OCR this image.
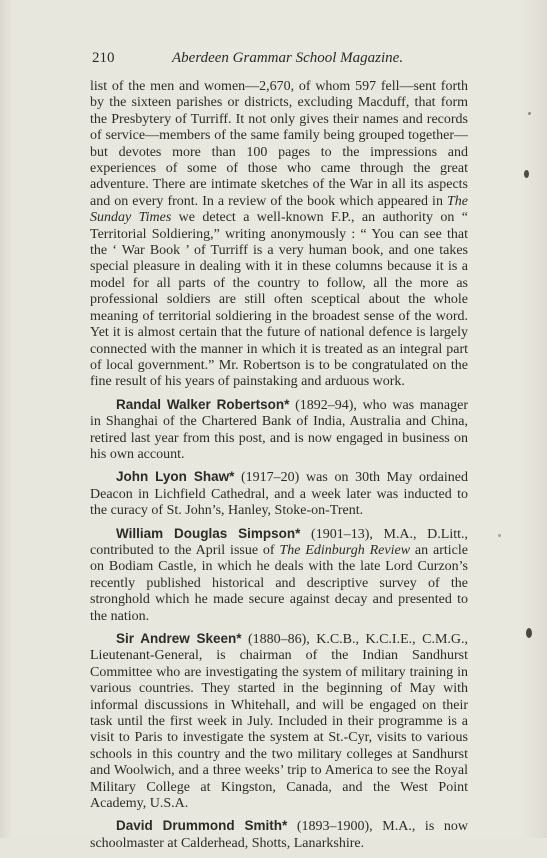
210	Aberdeen Grammar School Magazine.

list of the men and women—2,670, of whom 597 fell—sent forth by the sixteen parishes or districts, excluding Macduff, that form the Presbytery of Turriff. It not only gives their names and records of service—members of the same family being grouped together—but devotes more than 100 pages to the impressions and experiences of some of those who came through the great adventure. There are intimate sketches of the War in all its aspects and on every front. In a review of the book which appeared in The Sunday Times we detect a well-known F.P., an authority on “ Territorial Soldiering,” writing anonymously : “ You can see that the ‘ War Book ’ of Turriff is a very human book, and one takes special pleasure in dealing with it in these columns because it is a model for all parts of the country to follow, all the more as professional soldiers are still often sceptical about the whole meaning of territorial soldiering in the broadest sense of the word. Yet it is almost certain that the future of national defence is largely connected with the manner in which it is treated as an integral part of local government.” Mr. Robertson is to be congratulated on the fine result of his years of painstaking and arduous work.

Randal Walker Robertson* (1892–94), who was manager in Shanghai of the Chartered Bank of India, Australia and China, retired last year from this post, and is now engaged in business on his own account.

John Lyon Shaw* (1917–20) was on 30th May ordained Deacon in Lichfield Cathedral, and a week later was inducted to the curacy of St. John’s, Hanley, Stoke-on-Trent.

William Douglas Simpson* (1901–13), M.A., D.Litt., contributed to the April issue of The Edinburgh Review an article on Bodiam Castle, in which he deals with the late Lord Curzon’s recently published historical and descriptive survey of the stronghold which he made secure against decay and presented to the nation.

Sir Andrew Skeen* (1880–86), K.C.B., K.C.I.E., C.M.G., Lieutenant-General, is chairman of the Indian Sandhurst Committee who are investigating the system of military training in various countries. They started in the beginning of May with informal discussions in Whitehall, and will be engaged on their task until the first week in July. Included in their programme is a visit to Paris to investigate the system at St.-Cyr, visits to various schools in this country and the two military colleges at Sandhurst and Woolwich, and a three weeks’ trip to America to see the Royal Military College at Kingston, Canada, and the West Point Academy, U.S.A.

David Drummond Smith* (1893–1900), M.A., is now schoolmaster at Calderhead, Shotts, Lanarkshire.
